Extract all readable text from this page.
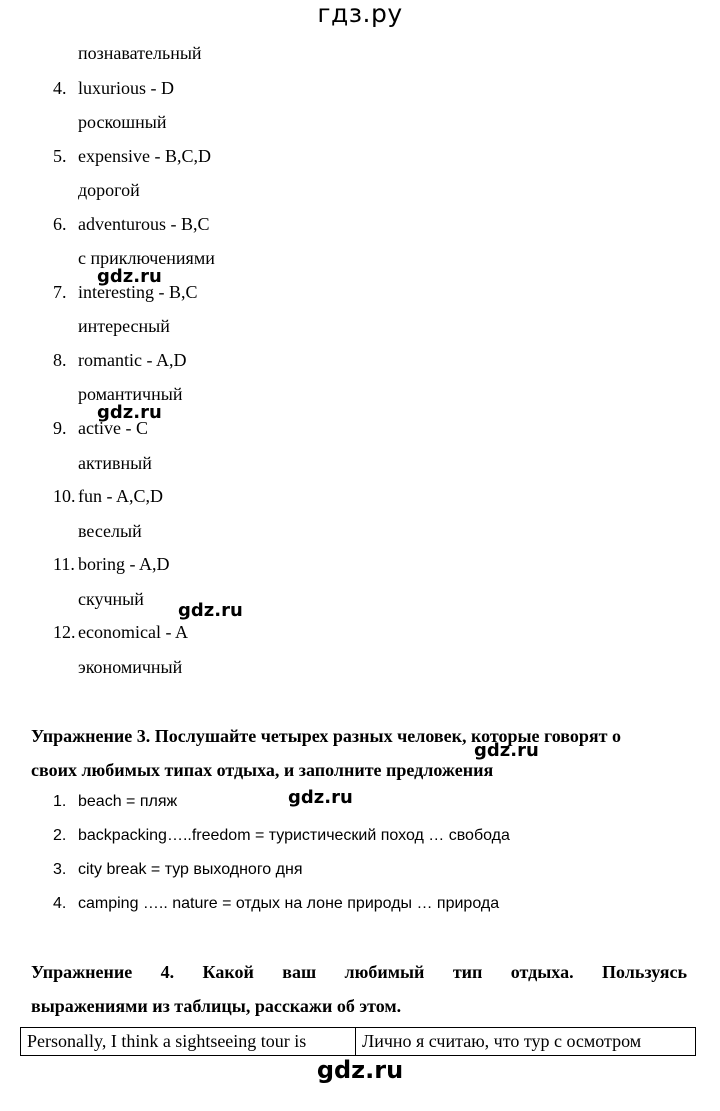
гдз.ру
познавательный
4. luxurious - D
роскошный
5. expensive - B,C,D
дорогой
6. adventurous - B,C
с приключениями
gdz.ru
7. interesting - B,C
интересный
8. romantic - A,D
романтичный
gdz.ru
9. active - C
активный
10. fun - A,C,D
веселый
11. boring - A,D
скучный
gdz.ru
12. economical - A
экономичный
Упражнение 3. Послушайте четырех разных человек, которые говорят о
gdz.ru
своих любимых типах отдыха, и заполните предложения
gdz.ru
1. beach = пляж
2. backpacking…..freedom = туристический поход … свобода
3. city break = тур выходного дня
4. camping ….. nature = отдых на лоне природы … природа
Упражнение 4. Какой ваш любимый тип отдыха. Пользуясь
выражениями из таблицы, расскажи об этом.
Personally, I think a sightseeing tour is	Лично я считаю, что тур с осмотром
gdz.ru
